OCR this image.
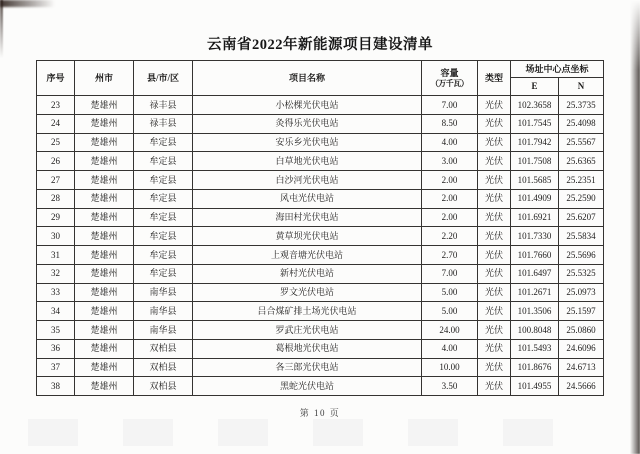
云南省2022年新能源项目建设清单
序号	州市	县/市/区	项目名称	容量
（万千瓦）	类型	场址中心点坐标	
						E	N
23	楚雄州	禄丰县	小松棵光伏电站	7.00	光伏	102.3658	25.3735
24	楚雄州	禄丰县	灸得乐光伏电站	8.50	光伏	101.7545	25.4098
25	楚雄州	牟定县	安乐乡光伏电站	4.00	光伏	101.7942	25.5567
26	楚雄州	牟定县	白草地光伏电站	3.00	光伏	101.7508	25.6365
27	楚雄州	牟定县	白沙河光伏电站	2.00	光伏	101.5685	25.2351
28	楚雄州	牟定县	风屯光伏电站	2.00	光伏	101.4909	25.2590
29	楚雄州	牟定县	海田村光伏电站	2.00	光伏	101.6921	25.6207
30	楚雄州	牟定县	黄草坝光伏电站	2.20	光伏	101.7330	25.5834
31	楚雄州	牟定县	上观音塘光伏电站	2.70	光伏	101.7660	25.5696
32	楚雄州	牟定县	新村光伏电站	7.00	光伏	101.6497	25.5325
33	楚雄州	南华县	罗文光伏电站	5.00	光伏	101.2671	25.0973
34	楚雄州	南华县	吕合煤矿排土场光伏电站	5.00	光伏	101.3506	25.1597
35	楚雄州	南华县	罗武庄光伏电站	24.00	光伏	100.8048	25.0860
36	楚雄州	双柏县	葛根地光伏电站	4.00	光伏	101.5493	24.6096
37	楚雄州	双柏县	各三郎光伏电站	10.00	光伏	101.8676	24.6713
38	楚雄州	双柏县	黑蛇光伏电站	3.50	光伏	101.4955	24.5666
第 10 页
